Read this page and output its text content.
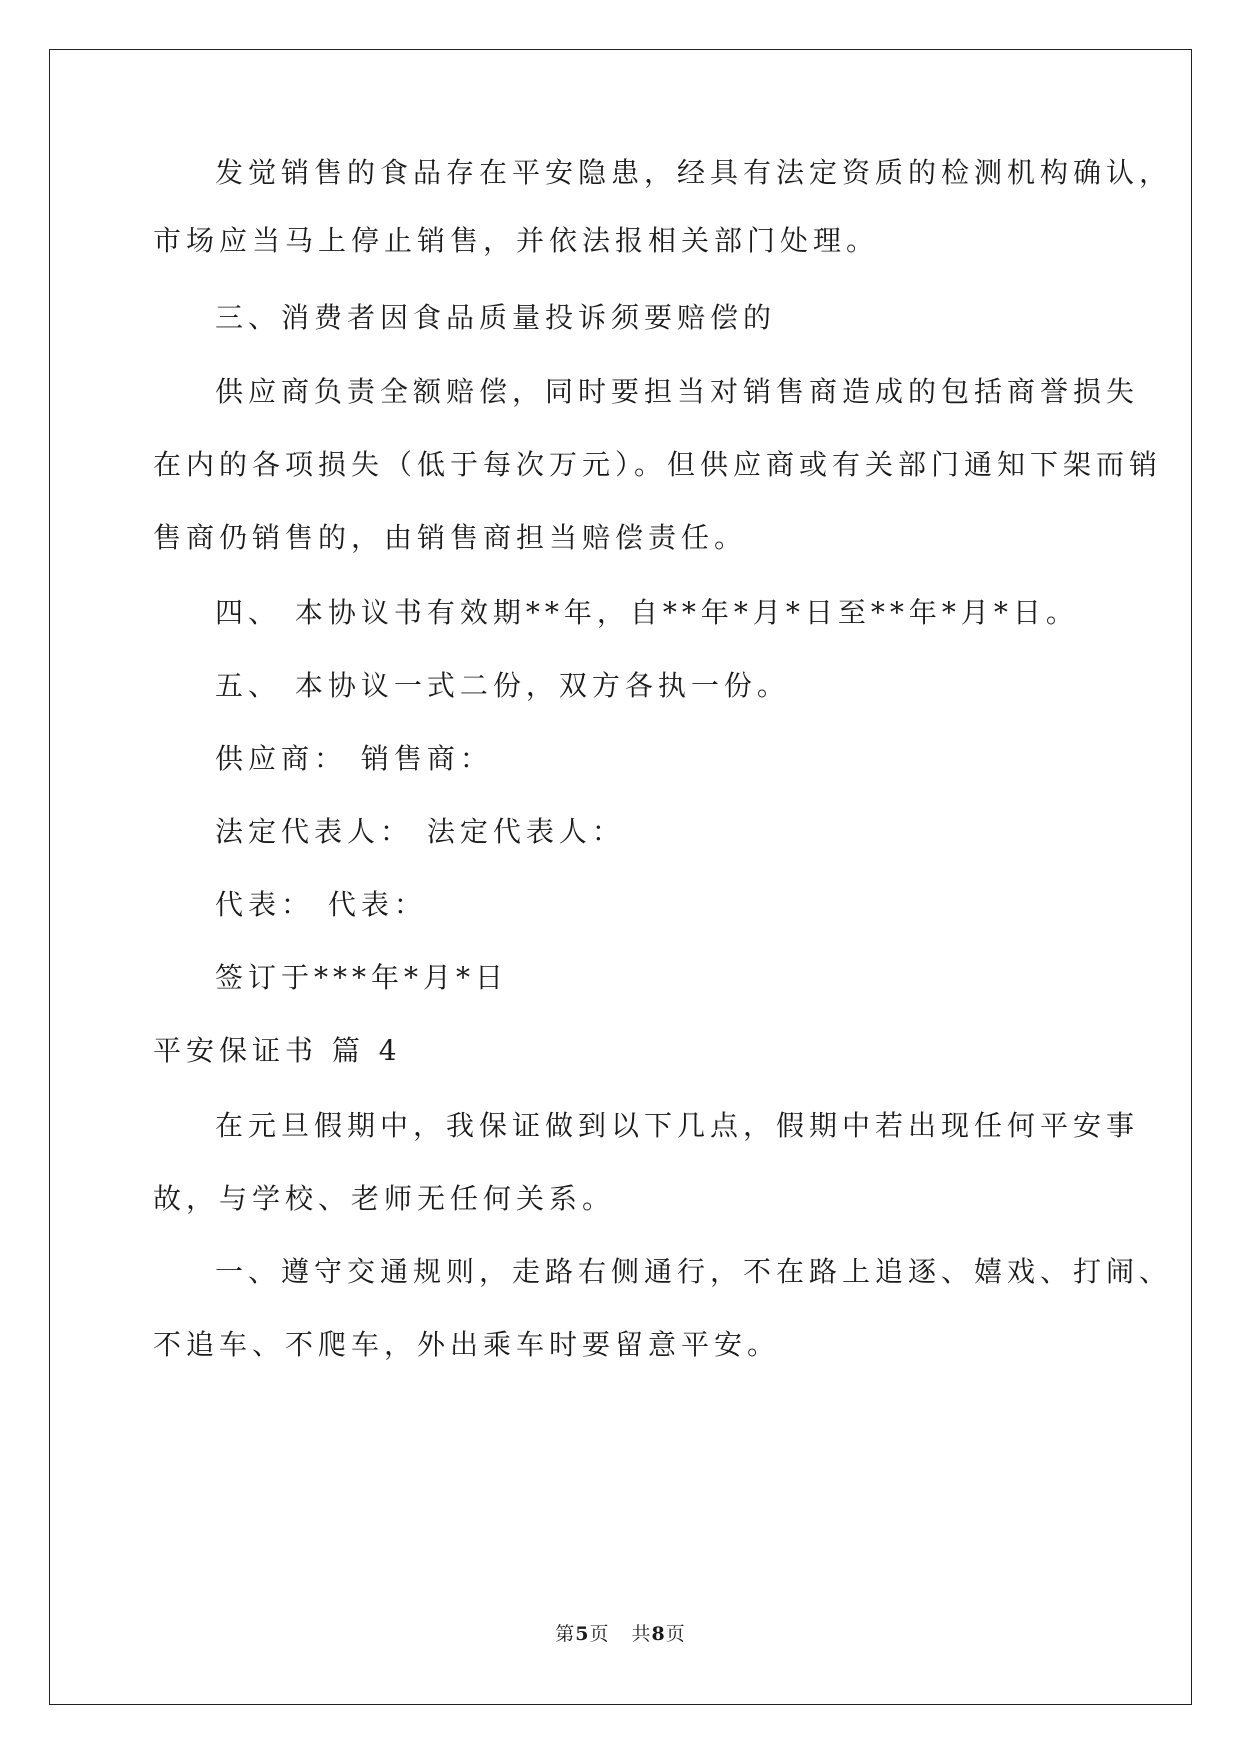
发觉销售的食品存在平安隐患，经具有法定资质的检测机构确认，
市场应当马上停止销售，并依法报相关部门处理。
三、消费者因食品质量投诉须要赔偿的
供应商负责全额赔偿，同时要担当对销售商造成的包括商誉损失
在内的各项损失（低于每次万元）。但供应商或有关部门通知下架而销
售商仍销售的，由销售商担当赔偿责任。
四、 本协议书有效期**年，自**年*月*日至**年*月*日。
五、 本协议一式二份，双方各执一份。
供应商： 销售商：
法定代表人： 法定代表人：
代表： 代表：
签订于***年*月*日
平安保证书 篇 4
在元旦假期中，我保证做到以下几点，假期中若出现任何平安事
故，与学校、老师无任何关系。
一、遵守交通规则，走路右侧通行，不在路上追逐、嬉戏、打闹、
不追车、不爬车，外出乘车时要留意平安。
第5页 共8页
